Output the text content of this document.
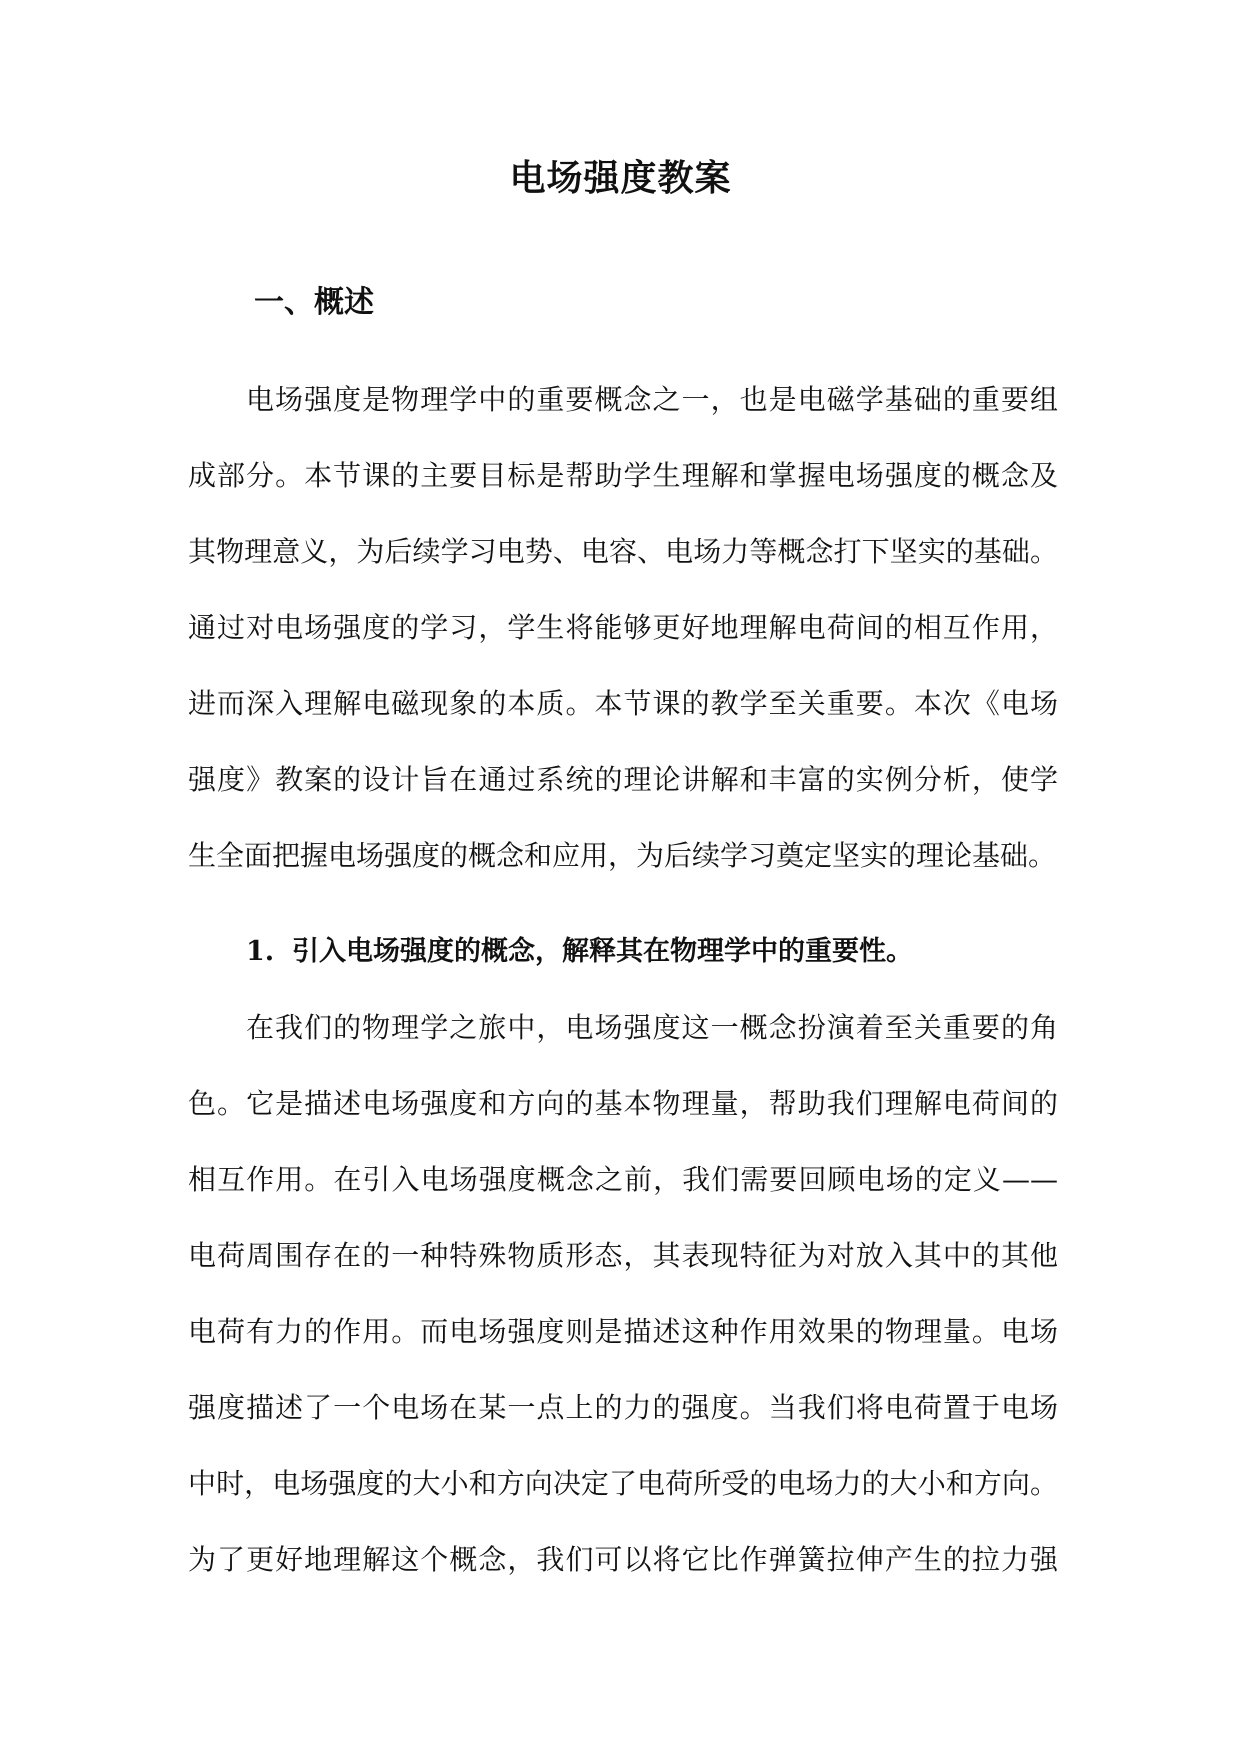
电场强度教案
一、概述
电场强度是物理学中的重要概念之一，也是电磁学基础的重要组
成部分。本节课的主要目标是帮助学生理解和掌握电场强度的概念及
其物理意义，为后续学习电势、电容、电场力等概念打下坚实的基础。
通过对电场强度的学习，学生将能够更好地理解电荷间的相互作用，
进而深入理解电磁现象的本质。本节课的教学至关重要。本次《电场
强度》教案的设计旨在通过系统的理论讲解和丰富的实例分析，使学
生全面把握电场强度的概念和应用，为后续学习奠定坚实的理论基础。
1. 引入电场强度的概念，解释其在物理学中的重要性。
在我们的物理学之旅中，电场强度这一概念扮演着至关重要的角
色。它是描述电场强度和方向的基本物理量，帮助我们理解电荷间的
相互作用。在引入电场强度概念之前，我们需要回顾电场的定义——
电荷周围存在的一种特殊物质形态，其表现特征为对放入其中的其他
电荷有力的作用。而电场强度则是描述这种作用效果的物理量。电场
强度描述了一个电场在某一点上的力的强度。当我们将电荷置于电场
中时，电场强度的大小和方向决定了电荷所受的电场力的大小和方向。
为了更好地理解这个概念，我们可以将它比作弹簧拉伸产生的拉力强
